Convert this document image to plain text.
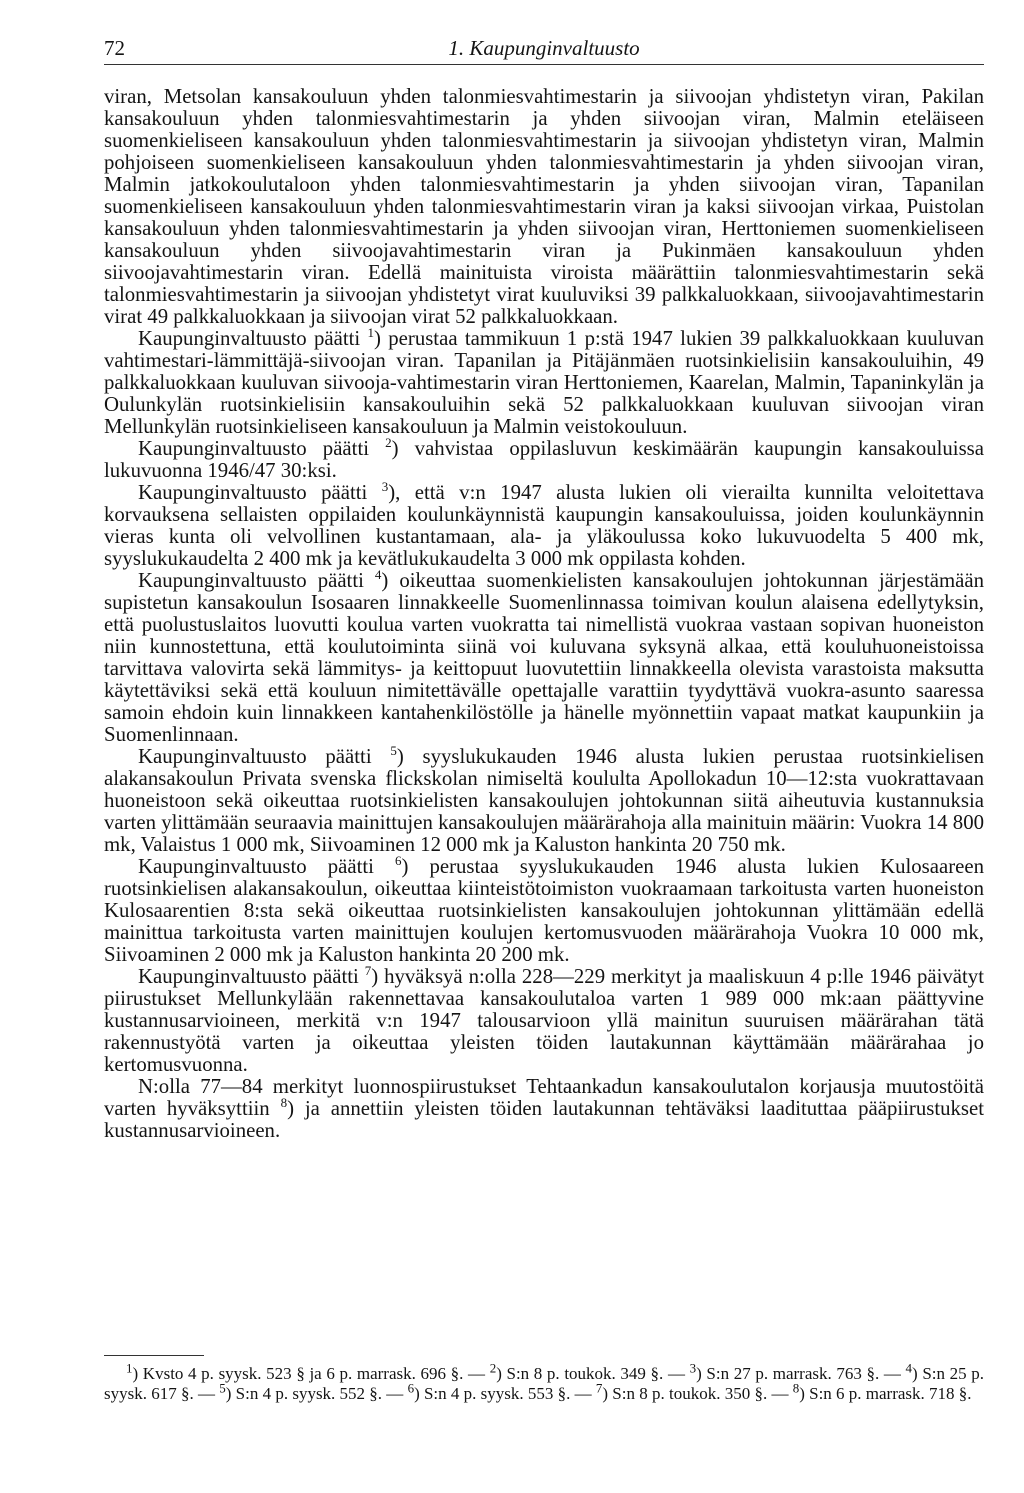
72	1. Kaupunginvaltuusto

viran, Metsolan kansakouluun yhden talonmiesvahtimestarin ja siivoojan yhdistetyn viran, Pakilan kansakouluun yhden talonmiesvahtimestarin ja yhden siivoojan viran, Malmin eteläiseen suomenkieliseen kansakouluun yhden talonmiesvahtimestarin ja siivoojan yhdistetyn viran, Malmin pohjoiseen suomenkieliseen kansakouluun yhden talonmiesvahtimestarin ja yhden siivoojan viran, Malmin jatkokoulutaloon yhden talonmiesvahtimestarin ja yhden siivoojan viran, Tapanilan suomenkieliseen kansakouluun yhden talonmiesvahtimestarin viran ja kaksi siivoojan virkaa, Puistolan kansakouluun yhden talonmiesvahtimestarin ja yhden siivoojan viran, Herttoniemen suomenkieliseen kansakouluun yhden siivoojavahtimestarin viran ja Pukinmäen kansakouluun yhden siivoojavahtimestarin viran. Edellä mainituista viroista määrättiin talonmiesvahtimestarin sekä talonmiesvahtimestarin ja siivoojan yhdistetyt virat kuuluviksi 39 palkkaluokkaan, siivoojavahtimestarin virat 49 palkkaluokkaan ja siivoojan virat 52 palkkaluokkaan.

Kaupunginvaltuusto päätti $^1$) perustaa tammikuun 1 p:stä 1947 lukien 39 palkkaluokkaan kuuluvan vahtimestari-lämmittäjä-siivoojan viran. Tapanilan ja Pitäjänmäen ruotsinkielisiin kansakouluihin, 49 palkkaluokkaan kuuluvan siivooja-vahtimestarin viran Herttoniemen, Kaarelan, Malmin, Tapaninkylän ja Oulunkylän ruotsinkielisiin kansakouluihin sekä 52 palkkaluokkaan kuuluvan siivoojan viran Mellunkylän ruotsinkieliseen kansakouluun ja Malmin veistokouluun.

Kaupunginvaltuusto päätti $^2$) vahvistaa oppilasluvun keskimäärän kaupungin kansakouluissa lukuvuonna 1946/47 30:ksi.

Kaupunginvaltuusto päätti $^3$), että v:n 1947 alusta lukien oli vierailta kunnilta veloitettava korvauksena sellaisten oppilaiden koulunkäynnistä kaupungin kansakouluissa, joiden koulunkäynnin vieras kunta oli velvollinen kustantamaan, ala- ja yläkoulussa koko lukuvuodelta 5 400 mk, syyslukukaudelta 2 400 mk ja kevätlukukaudelta 3 000 mk oppilasta kohden.

Kaupunginvaltuusto päätti $^4$) oikeuttaa suomenkielisten kansakoulujen johtokunnan järjestämään supistetun kansakoulun Isosaaren linnakkeelle Suomenlinnassa toimivan koulun alaisena edellytyksin, että puolustuslaitos luovutti koulua varten vuokratta tai nimellistä vuokraa vastaan sopivan huoneiston niin kunnostettuna, että koulutoiminta siinä voi kuluvana syksynä alkaa, että kouluhuoneistoissa tarvittava valovirta sekä lämmitys- ja keittopuut luovutettiin linnakkeella olevista varastoista maksutta käytettäviksi sekä että kouluun nimitettävälle opettajalle varattiin tyydyttävä vuokra-asunto saaressa samoin ehdoin kuin linnakkeen kantahenkilöstölle ja hänelle myönnettiin vapaat matkat kaupunkiin ja Suomenlinnaan.

Kaupunginvaltuusto päätti $^5$) syyslukukauden 1946 alusta lukien perustaa ruotsinkielisen alakansakoulun Privata svenska flickskolan nimiseltä koululta Apollokadun 10—12:sta vuokrattavaan huoneistoon sekä oikeuttaa ruotsinkielisten kansakoulujen johtokunnan siitä aiheutuvia kustannuksia varten ylittämään seuraavia mainittujen kansakoulujen määrärahoja alla mainituin määrin: Vuokra 14 800 mk, Valaistus 1 000 mk, Siivoaminen 12 000 mk ja Kaluston hankinta 20 750 mk.

Kaupunginvaltuusto päätti $^6$) perustaa syyslukukauden 1946 alusta lukien Kulosaareen ruotsinkielisen alakansakoulun, oikeuttaa kiinteistötoimiston vuokraamaan tarkoitusta varten huoneiston Kulosaarentien 8:sta sekä oikeuttaa ruotsinkielisten kansakoulujen johtokunnan ylittämään edellä mainittua tarkoitusta varten mainittujen koulujen kertomusvuoden määrärahoja Vuokra 10 000 mk, Siivoaminen 2 000 mk ja Kaluston hankinta 20 200 mk.

Kaupunginvaltuusto päätti $^7$) hyväksyä n:olla 228—229 merkityt ja maaliskuun 4 p:lle 1946 päivätyt piirustukset Mellunkylään rakennettavaa kansakoulutaloa varten 1 989 000 mk:aan päättyvine kustannusarvioineen, merkitä v:n 1947 talousarvioon yllä mainitun suuruisen määrärahan tätä rakennustyötä varten ja oikeuttaa yleisten töiden lautakunnan käyttämään määrärahaa jo kertomusvuonna.

N:olla 77—84 merkityt luonnospiirustukset Tehtaankadun kansakoulutalon korjausja muutostöitä varten hyväksyttiin $^8$) ja annettiin yleisten töiden lautakunnan tehtäväksi laadituttaa pääpiirustukset kustannusarvioineen.

$^1$) Kvsto 4 p. syysk. 523 § ja 6 p. marrask. 696 §. — $^2$) S:n 8 p. toukok. 349 §. — $^3$) S:n 27 p. marrask. 763 §. — $^4$) S:n 25 p. syysk. 617 §. — $^5$) S:n 4 p. syysk. 552 §. — $^6$) S:n 4 p. syysk. 553 §. — $^7$) S:n 8 p. toukok. 350 §. — $^8$) S:n 6 p. marrask. 718 §.
